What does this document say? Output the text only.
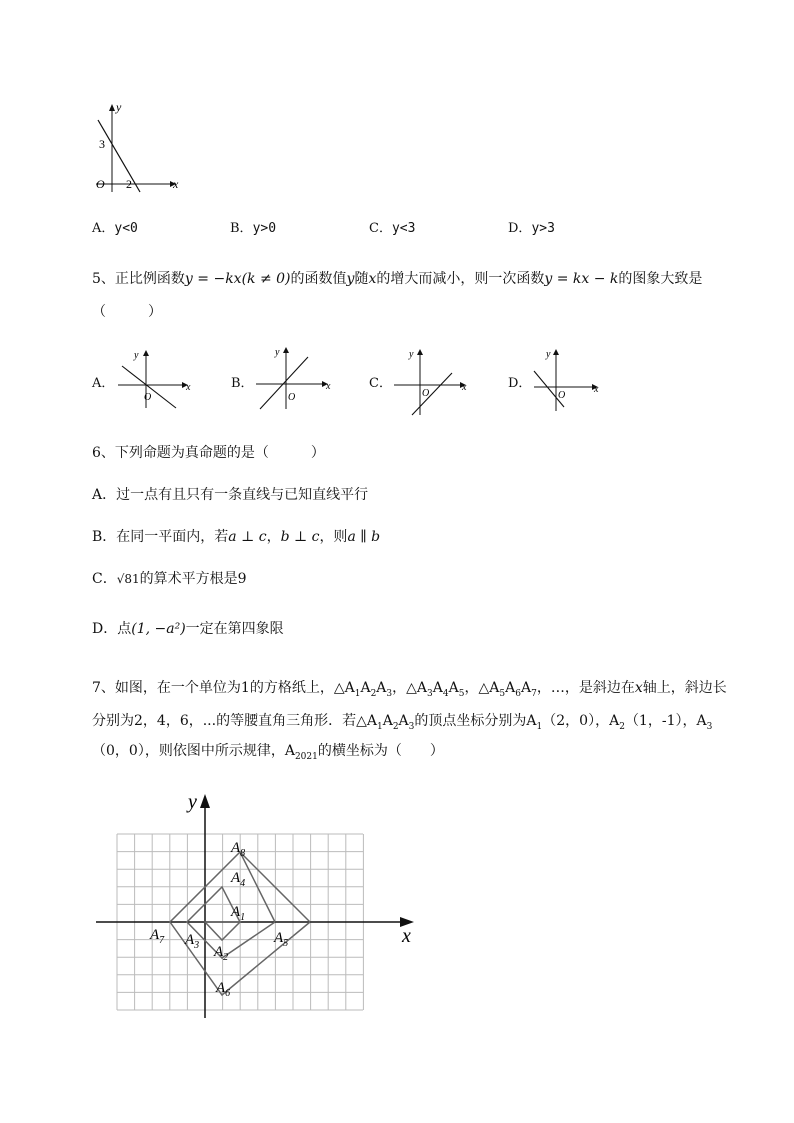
y
x
O
3
2
A．y<0	B．y>0	C．y<3	D．y>3
5、正比例函数y = −kx(k ≠ 0)的函数值y随x的增大而减小，则一次函数y = kx − k的图象大致是
（　　　）
A．
y
x
O
B．
y
x
O
C．
y
x
O
D．
y
x
O
6、下列命题为真命题的是（　　　）
A．过一点有且只有一条直线与已知直线平行
B．在同一平面内，若a ⊥ c，b ⊥ c，则a ∥ b
C．√81的算术平方根是9
D．点(1, −a²)一定在第四象限
7、如图，在一个单位为1的方格纸上，$\triangle A_1A_2A_3$，$\triangle A_3A_4A_5$，$\triangle A_5A_6A_7$，…，是斜边在x轴上，斜边长
分别为2，4，6，...的等腰直角三角形．若$\triangle A_1A_2A_3$的顶点坐标分别为$A_1(2$，0），$A_2(1$，-1），$A_3$
（0，0），则依图中所示规律，$A_{2021}$的横坐标为（　　）
y
x
$A_8$
$A_4$
$A_1$
$A_7$ $A_3$	$A_5$
$A_2$
$A_6$
